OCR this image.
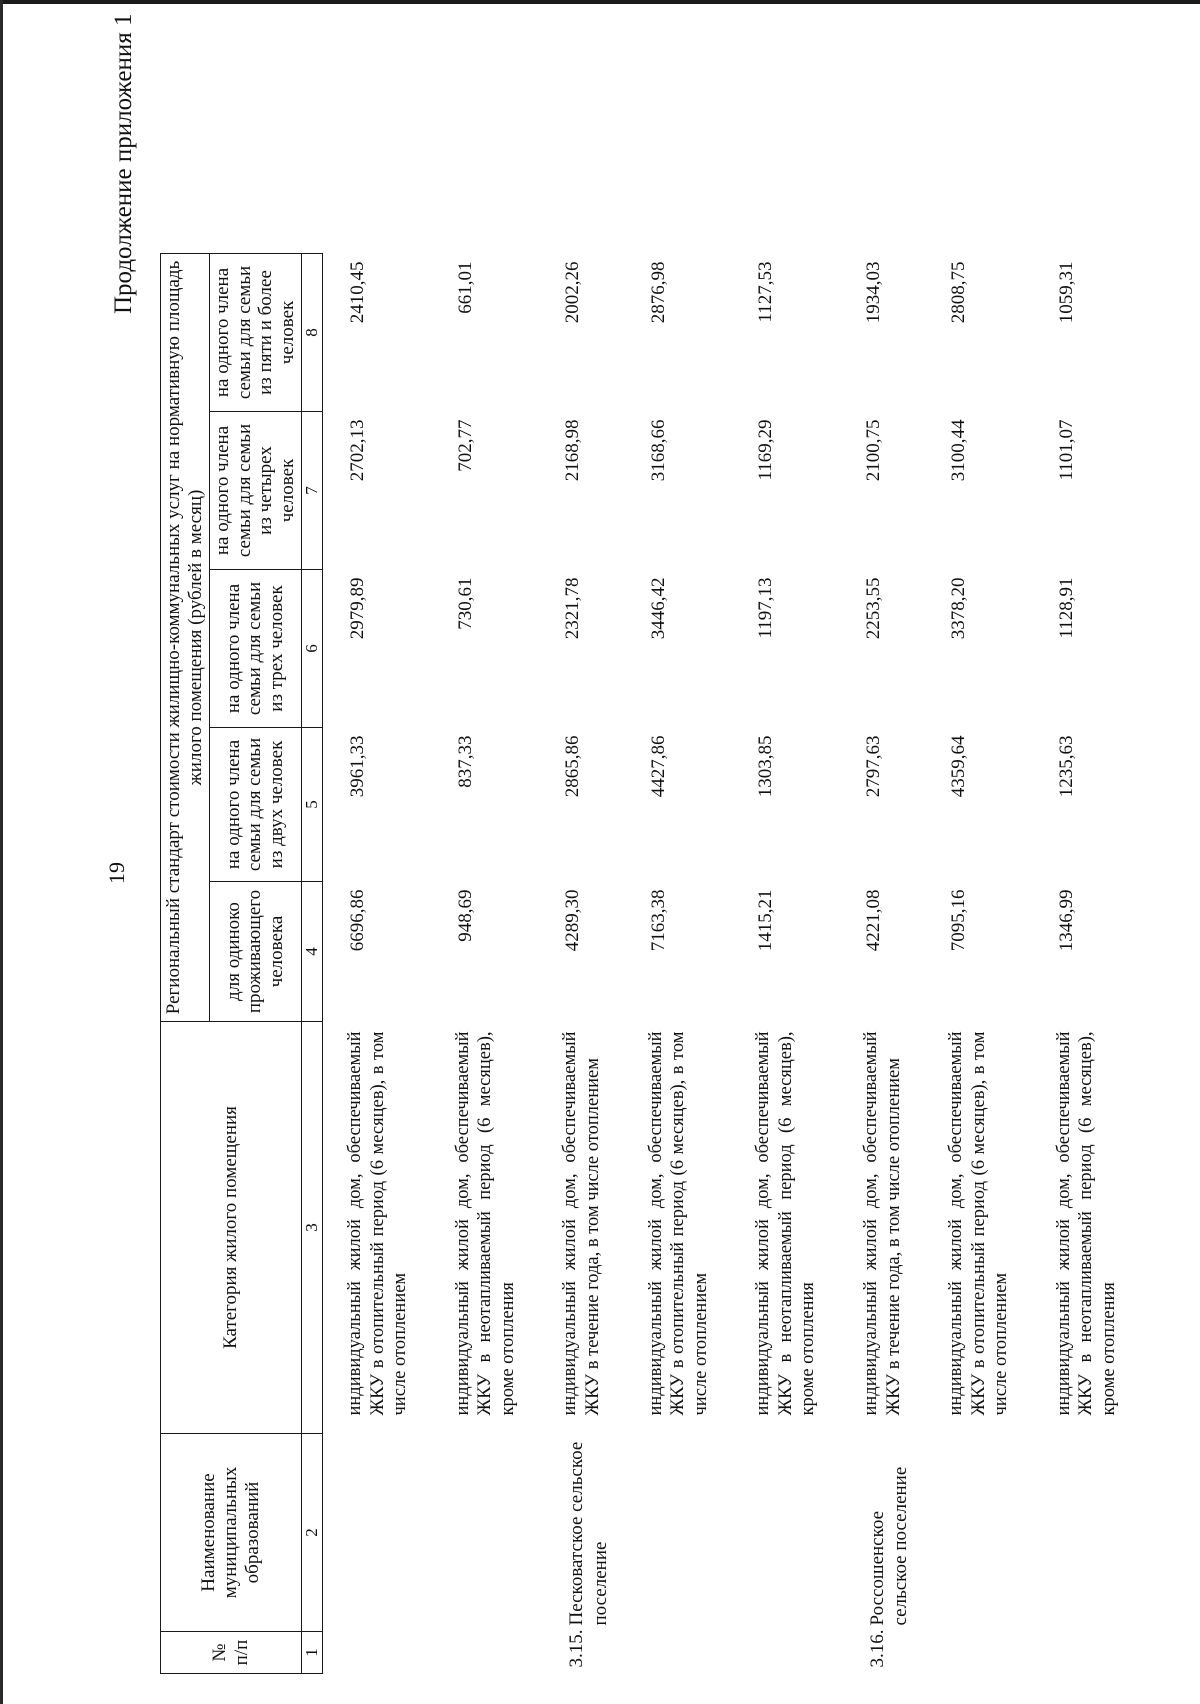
19
Продолжение приложения 1
№ п/п	Наименование муниципальных образований	Категория жилого помещения	Региональный стандарт стоимости жилищно-коммунальных услуг на нормативную площадь жилого помещения (рублей в месяц)				
			для одиноко проживающего человека	на одного члена семьи для семьи из двух человек	на одного члена семьи для семьи из трех человек	на одного члена семьи для семьи из четырех человек	на одного члена семьи для семьи из пяти и более человек
1	2	3	4	5	6	7	8

		индивидуальный жилой дом, обеспечиваемый ЖКУ в отопительный период (6 месяцев), в том числе отоплением	6696,86	3961,33	2979,89	2702,13	2410,45
		индивидуальный жилой дом, обеспечиваемый ЖКУ в неотапливаемый период (6 месяцев), кроме отопления	948,69	837,33	730,61	702,77	661,01
3.15.	Песковатское сельское поселение	индивидуальный жилой дом, обеспечиваемый ЖКУ в течение года, в том числе отоплением	4289,30	2865,86	2321,78	2168,98	2002,26
		индивидуальный жилой дом, обеспечиваемый ЖКУ в отопительный период (6 месяцев), в том числе отоплением	7163,38	4427,86	3446,42	3168,66	2876,98
		индивидуальный жилой дом, обеспечиваемый ЖКУ в неотапливаемый период (6 месяцев), кроме отопления	1415,21	1303,85	1197,13	1169,29	1127,53
3.16.	Россошенское сельское поселение	индивидуальный жилой дом, обеспечиваемый ЖКУ в течение года, в том числе отоплением	4221,08	2797,63	2253,55	2100,75	1934,03
		индивидуальный жилой дом, обеспечиваемый ЖКУ в отопительный период (6 месяцев), в том числе отоплением	7095,16	4359,64	3378,20	3100,44	2808,75
		индивидуальный жилой дом, обеспечиваемый ЖКУ в неотапливаемый период (6 месяцев), кроме отопления	1346,99	1235,63	1128,91	1101,07	1059,31
